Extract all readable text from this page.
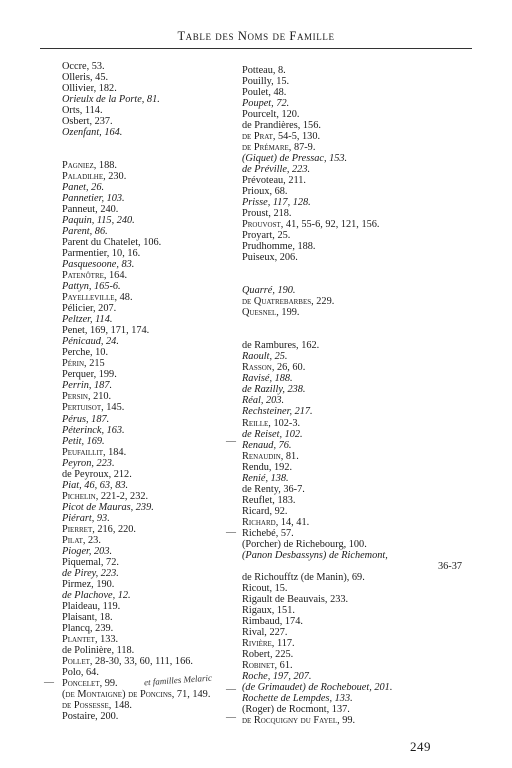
Table des Noms de Famille
Occre, 53.
Olleris, 45.
Ollivier, 182.
Orieulx de la Porte, 81.
Orts, 114.
Osbert, 237.
Ozenfant, 164.
Pagniez, 188.
Paladilhe, 230.
Panet, 26.
Pannetier, 103.
Panneut, 240.
Paquin, 115, 240.
Parent, 86.
Parent du Chatelet, 106.
Parmentier, 10, 16.
Pasquesoone, 83.
Patenôtre, 164.
Pattyn, 165-6.
Payelleville, 48.
Pélicier, 207.
Peltzer, 114.
Penet, 169, 171, 174.
Pénicaud, 24.
Perche, 10.
Périn, 215
Perquer, 199.
Perrin, 187.
Persin, 210.
Pertuisot, 145.
Pérus, 187.
Péterinck, 163.
Petit, 169.
Peufaillit, 184.
Peyron, 223.
de Peyroux, 212.
Piat, 46, 63, 83.
Pichelin, 221-2, 232.
Picot de Mauras, 239.
Piérart, 93.
Pierret, 216, 220.
Pilat, 23.
Pioger, 203.
Piquemal, 72.
de Pirey, 223.
Pirmez, 190.
de Plachove, 12.
Plaideau, 119.
Plaisant, 18.
Plancq, 239.
Plantet, 133.
de Polinière, 118.
Pollet, 28-30, 33, 60, 111, 166.
Polo, 64.
Poncelet, 99.
(de Montaigne) de Poncins, 71, 149.
de Possesse, 148.
Postaire, 200.
Potteau, 8.
Pouilly, 15.
Poulet, 48.
Poupet, 72.
Pourcelt, 120.
de Prandières, 156.
de Prat, 54-5, 130.
de Prémare, 87-9.
(Giquet) de Pressac, 153.
de Préville, 223.
Prévoteau, 211.
Prioux, 68.
Prisse, 117, 128.
Proust, 218.
Prouvost, 41, 55-6, 92, 121, 156.
Proyart, 25.
Prudhomme, 188.
Puiseux, 206.
Quarré, 190.
de Quatrebarbes, 229.
Quesnel, 199.
de Rambures, 162.
Raoult, 25.
Rasson, 26, 60.
Ravisé, 188.
de Razilly, 238.
Réal, 203.
Rechsteiner, 217.
Reille, 102-3.
de Reiset, 102.
Renaud, 76.
Renaudin, 81.
Rendu, 192.
Renié, 138.
de Renty, 36-7.
Reuflet, 183.
Ricard, 92.
Richard, 14, 41.
Richebé, 57.
(Porcher) de Richebourg, 100.
(Panon Desbassyns) de Richemont,
36-37
de Richoufftz (de Manin), 69.
Ricout, 15.
Rigault de Beauvais, 233.
Rigaux, 151.
Rimbaud, 174.
Rival, 227.
Rivière, 117.
Robert, 225.
Robinet, 61.
Roche, 197, 207.
(de Grimaudet) de Rochebouet, 201.
Rochette de Lempdes, 133.
(Roger) de Rocmont, 137.
de Rocquigny du Fayel, 99.
et familles Melaric
—
—
—
—
—
249
